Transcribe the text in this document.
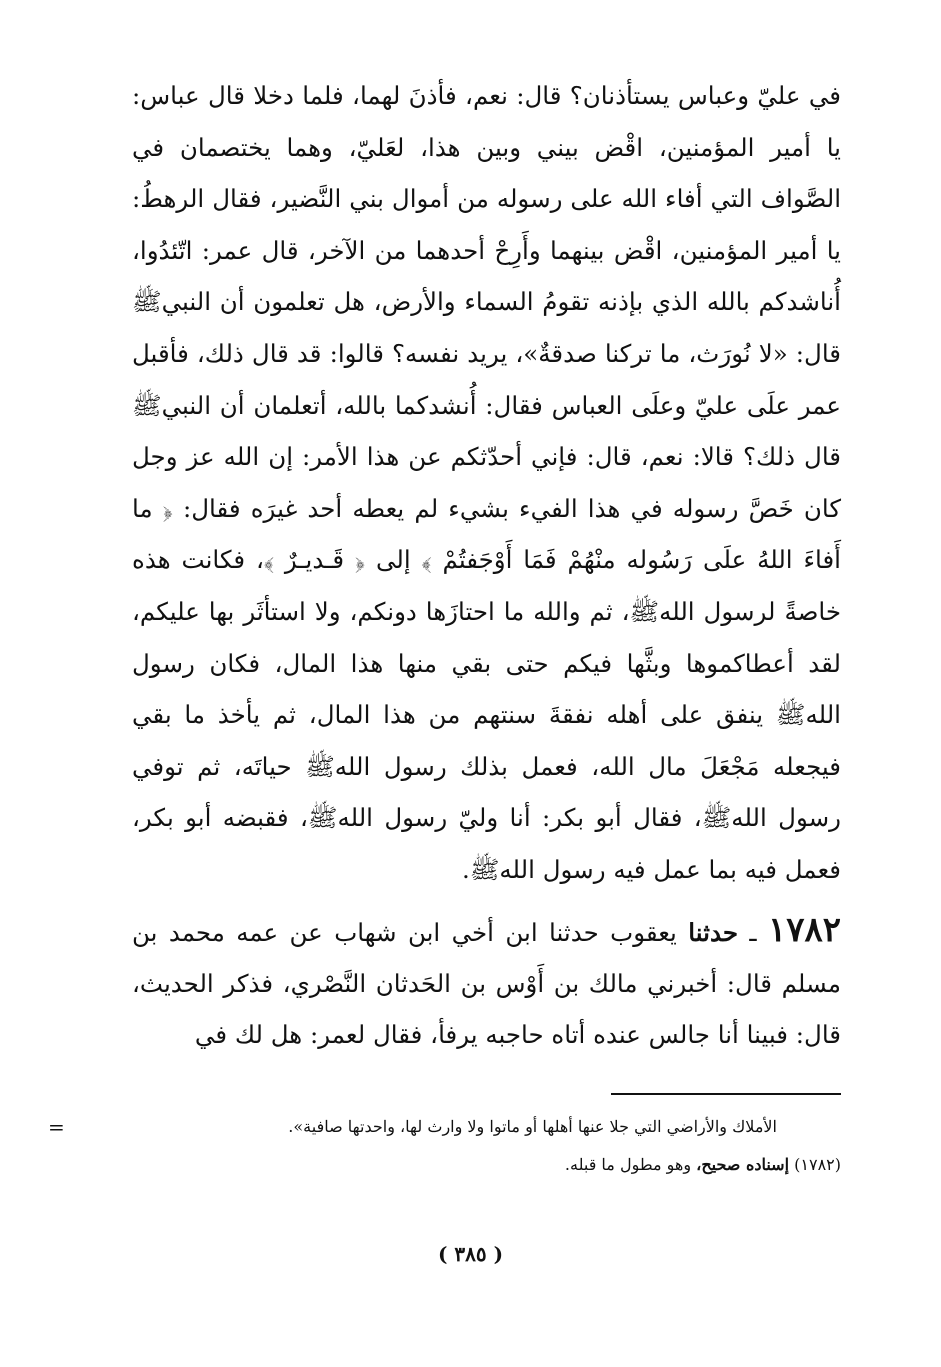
في عليّ وعباس يستأذنان؟ قال: نعم، فأذنَ لهما، فلما دخلا قال عباس: يا أمير المؤمنين، اقْض بيني وبين هذا، لعَليّ، وهما يختصمان في الصَّواف التي أفاء الله على رسوله من أموال بني النَّضير، فقال الرهطُ: يا أمير المؤمنين، اقْض بينهما وأَرِحْ أحدهما من الآخر، قال عمر: اتّئدُوا، أُناشدكم بالله الذي بإذنه تقومُ السماء والأرض، هل تعلمون أن النبيﷺ قال: «لا نُورَث، ما تركنا صدقةٌ»، يريد نفسه؟ قالوا: قد قال ذلك، فأقبل عمر علَى عليّ وعلَى العباس فقال: أُنشدكما بالله، أتعلمان أن النبيﷺ قال ذلك؟ قالا: نعم، قال: فإني أحدّثكم عن هذا الأمر: إن الله عز وجل كان خَصَّ رسوله في هذا الفيء بشيء لم يعطه أحد غيرَه فقال: ﴿ ما أَفاءَ اللهُ علَى رَسُوله منْهُمْ فَمَا أَوْجَفتُمْ ﴾ إلى ﴿ قَـديـرٌ ﴾، فكانت هذه خاصةً لرسول اللهﷺ، ثم والله ما احتازَها دونكم، ولا استأثَر بها عليكم، لقد أعطاكموها وبثَّها فيكم حتى بقي منها هذا المال، فكان رسول اللهﷺ ينفق على أهله نفقةَ سنتهم من هذا المال، ثم يأخذ ما بقي فيجعله مَجْعَلَ مال الله، فعمل بذلك رسول اللهﷺ حياتَه، ثم توفي رسول اللهﷺ، فقال أبو بكر: أنا وليّ رسول اللهﷺ، فقبضه أبو بكر، فعمل فيه بما عمل فيه رسول اللهﷺ.

١٧٨٢ ـ حدثنا يعقوب حدثنا ابن أخي ابن شهاب عن عمه محمد بن مسلم قال: أخبرني مالك بن أَوْس بن الحَدثان النَّصْري، فذكر الحديث، قال: فبينا أنا جالس عنده أتاه حاجبه يرفأ، فقال لعمر: هل لك في

=	الأملاك والأراضي التي جلا عنها أهلها أو ماتوا ولا وارث لها، واحدتها صافية».
(١٧٨٢) إسناده صحيح، وهو مطول ما قبله.
( ٣٨٥ )
